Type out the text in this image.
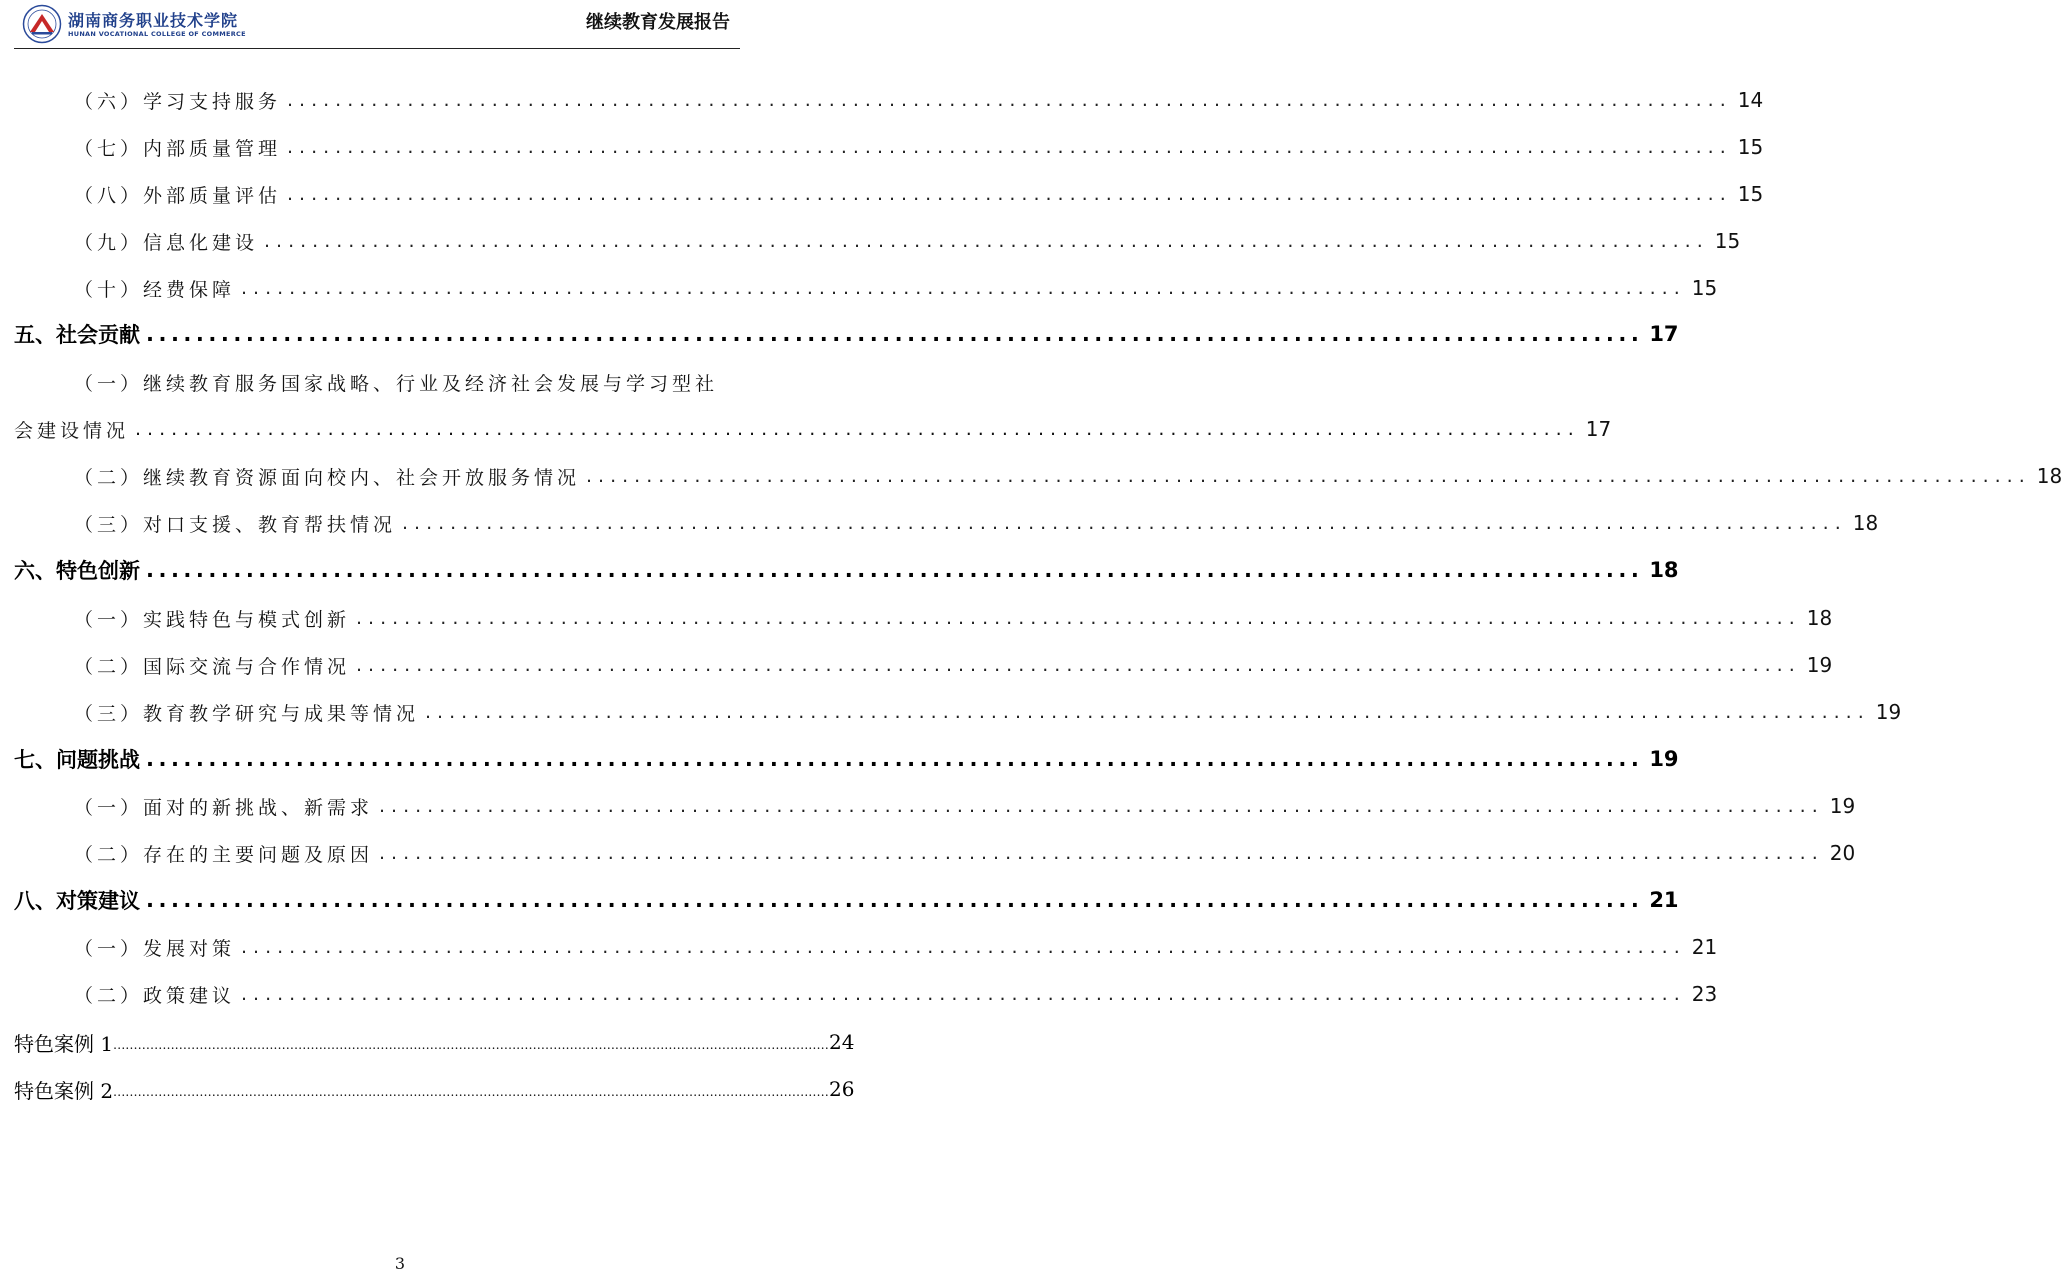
湖南商务职业技术学院
HUNAN VOCATIONAL COLLEGE OF COMMERCE
继续教育发展报告
（六）学习支持服务 ........................................................................................................................ 14
（七）内部质量管理 ........................................................................................................................ 15
（八）外部质量评估 ........................................................................................................................ 15
（九）信息化建设 ........................................................................................................................ 15
（十）经费保障 ........................................................................................................................ 15
五、社会贡献 ........................................................................................................................ 17
（一）继续教育服务国家战略、行业及经济社会发展与学习型社
会建设情况 ........................................................................................................................ 17
（二）继续教育资源面向校内、社会开放服务情况 ........................................................................................................................ 18
（三）对口支援、教育帮扶情况 ........................................................................................................................ 18
六、特色创新 ........................................................................................................................ 18
（一）实践特色与模式创新 ........................................................................................................................ 18
（二）国际交流与合作情况 ........................................................................................................................ 19
（三）教育教学研究与成果等情况 ........................................................................................................................ 19
七、问题挑战 ........................................................................................................................ 19
（一）面对的新挑战、新需求 ........................................................................................................................ 19
（二）存在的主要问题及原因 ........................................................................................................................ 20
八、对策建议 ........................................................................................................................ 21
（一）发展对策 ........................................................................................................................ 21
（二）政策建议 ........................................................................................................................ 23
特色案例 1 .............................................................................................................................................................................. 24
特色案例 2 .............................................................................................................................................................................. 26
3
